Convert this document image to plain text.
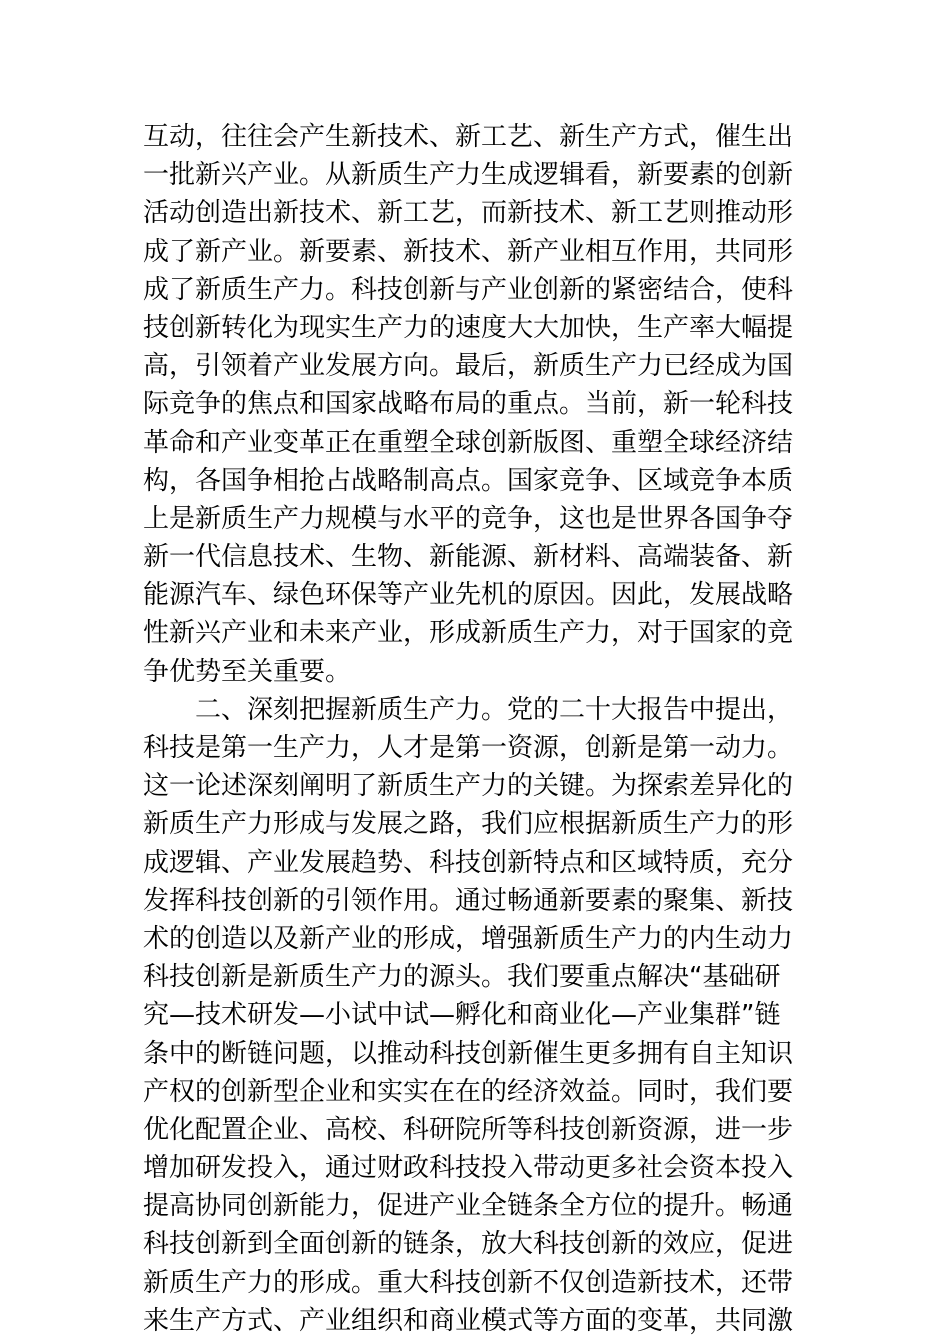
互动，往往会产生新技术、新工艺、新生产方式，催生出
一批新兴产业。从新质生产力生成逻辑看，新要素的创新
活动创造出新技术、新工艺，而新技术、新工艺则推动形
成了新产业。新要素、新技术、新产业相互作用，共同形
成了新质生产力。科技创新与产业创新的紧密结合，使科
技创新转化为现实生产力的速度大大加快，生产率大幅提
高，引领着产业发展方向。最后，新质生产力已经成为国
际竞争的焦点和国家战略布局的重点。当前，新一轮科技
革命和产业变革正在重塑全球创新版图、重塑全球经济结
构，各国争相抢占战略制高点。国家竞争、区域竞争本质
上是新质生产力规模与水平的竞争，这也是世界各国争夺
新一代信息技术、生物、新能源、新材料、高端装备、新
能源汽车、绿色环保等产业先机的原因。因此，发展战略
性新兴产业和未来产业，形成新质生产力，对于国家的竞
争优势至关重要。
二、深刻把握新质生产力。党的二十大报告中提出，
科技是第一生产力，人才是第一资源，创新是第一动力。
这一论述深刻阐明了新质生产力的关键。为探索差异化的
新质生产力形成与发展之路，我们应根据新质生产力的形
成逻辑、产业发展趋势、科技创新特点和区域特质，充分
发挥科技创新的引领作用。通过畅通新要素的聚集、新技
术的创造以及新产业的形成，增强新质生产力的内生动力
科技创新是新质生产力的源头。我们要重点解决“基础研
究—技术研发—小试中试—孵化和商业化—产业集群”链
条中的断链问题，以推动科技创新催生更多拥有自主知识
产权的创新型企业和实实在在的经济效益。同时，我们要
优化配置企业、高校、科研院所等科技创新资源，进一步
增加研发投入，通过财政科技投入带动更多社会资本投入
提高协同创新能力，促进产业全链条全方位的提升。畅通
科技创新到全面创新的链条，放大科技创新的效应，促进
新质生产力的形成。重大科技创新不仅创造新技术，还带
来生产方式、产业组织和商业模式等方面的变革，共同激
